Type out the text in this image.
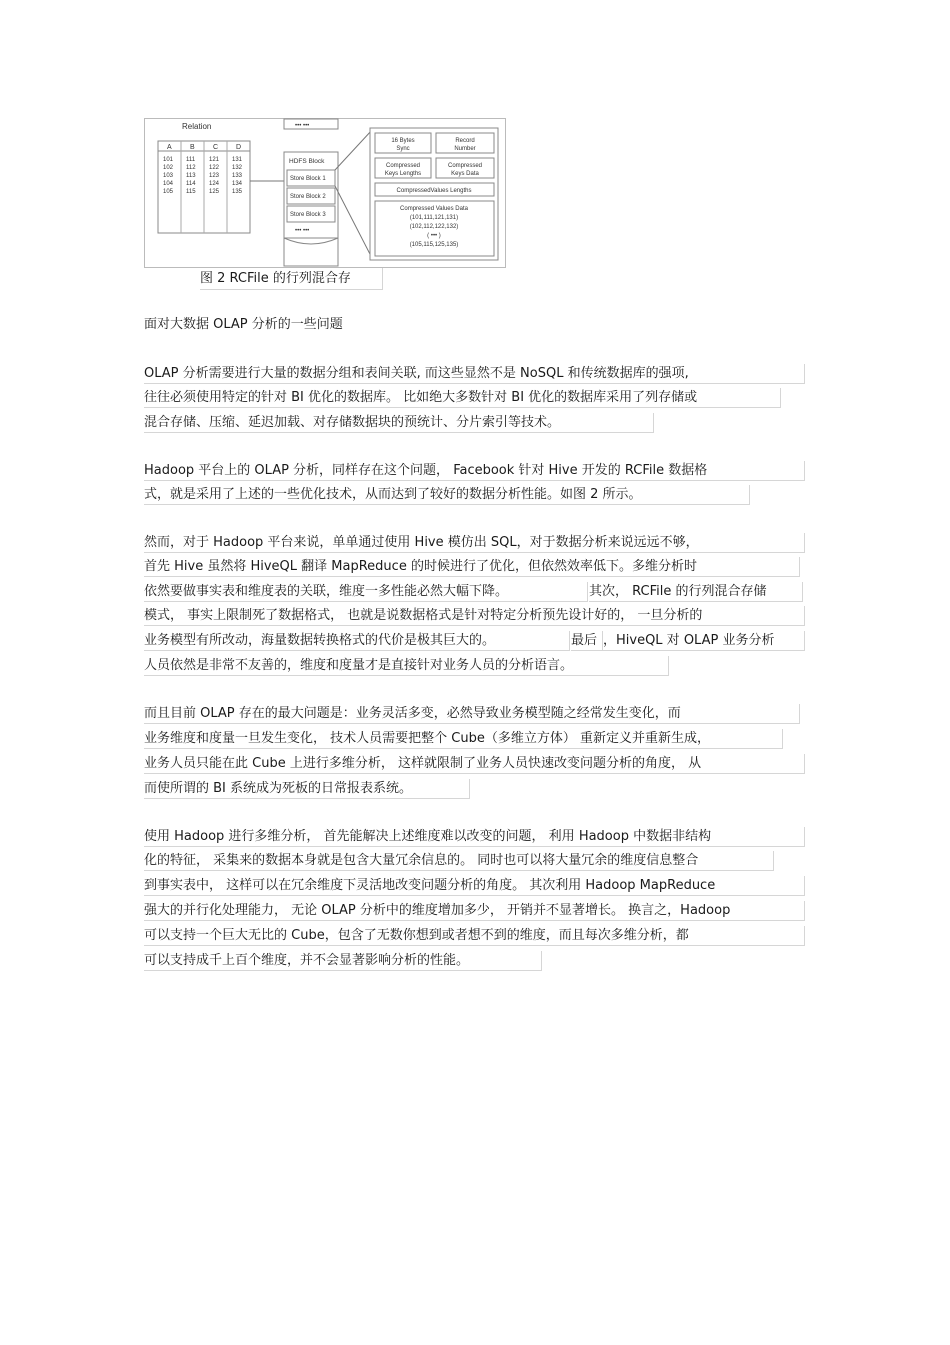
Relation
A	B	C	D
101 111 121 131
102 112 122 132
103 113 123 133
104 114 124 134
105 115 125 135
••• •••
HDFS Block
Store Block 1
Store Block 2
Store Block 3
••• •••
16 Bytes
Sync
Record
Number
Compressed
Keys Lengths
Compressed
Keys Data
CompressedValues Lengths
Compressed Values Data
(101,111,121,131)
(102,112,122,132)
( ••• )
(105,115,125,135)
图 2 RCFile 的行列混合存
面对大数据 OLAP 分析的一些问题
OLAP 分析需要进行大量的数据分组和表间关联, 而这些显然不是 NoSQL 和传统数据库的强项,
往往必须使用特定的针对 BI 优化的数据库。 比如绝大多数针对 BI 优化的数据库采用了列存储或
混合存储、压缩、延迟加载、对存储数据块的预统计、分片索引等技术。
Hadoop 平台上的 OLAP 分析，同样存在这个问题， Facebook 针对 Hive 开发的 RCFile 数据格
式，就是采用了上述的一些优化技术，从而达到了较好的数据分析性能。如图 2 所示。
然而，对于 Hadoop 平台来说，单单通过使用 Hive 模仿出 SQL，对于数据分析来说远远不够，
首先 Hive 虽然将 HiveQL 翻译 MapReduce 的时候进行了优化，但依然效率低下。多维分析时
依然要做事实表和维度表的关联，维度一多性能必然大幅下降。	其次， RCFile 的行列混合存储
模式， 事实上限制死了数据格式， 也就是说数据格式是针对特定分析预先设计好的， 一旦分析的
业务模型有所改动，海量数据转换格式的代价是极其巨大的。	最后 ，HiveQL 对 OLAP 业务分析
人员依然是非常不友善的，维度和度量才是直接针对业务人员的分析语言。
而且目前 OLAP 存在的最大问题是：业务灵活多变，必然导致业务模型随之经常发生变化，而
业务维度和度量一旦发生变化， 技术人员需要把整个 Cube（多维立方体） 重新定义并重新生成，
业务人员只能在此 Cube 上进行多维分析， 这样就限制了业务人员快速改变问题分析的角度， 从
而使所谓的 BI 系统成为死板的日常报表系统。
使用 Hadoop 进行多维分析， 首先能解决上述维度难以改变的问题， 利用 Hadoop 中数据非结构
化的特征， 采集来的数据本身就是包含大量冗余信息的。 同时也可以将大量冗余的维度信息整合
到事实表中， 这样可以在冗余维度下灵活地改变问题分析的角度。 其次利用 Hadoop MapReduce
强大的并行化处理能力， 无论 OLAP 分析中的维度增加多少， 开销并不显著增长。 换言之，Hadoop
可以支持一个巨大无比的 Cube，包含了无数你想到或者想不到的维度，而且每次多维分析，都
可以支持成千上百个维度，并不会显著影响分析的性能。
